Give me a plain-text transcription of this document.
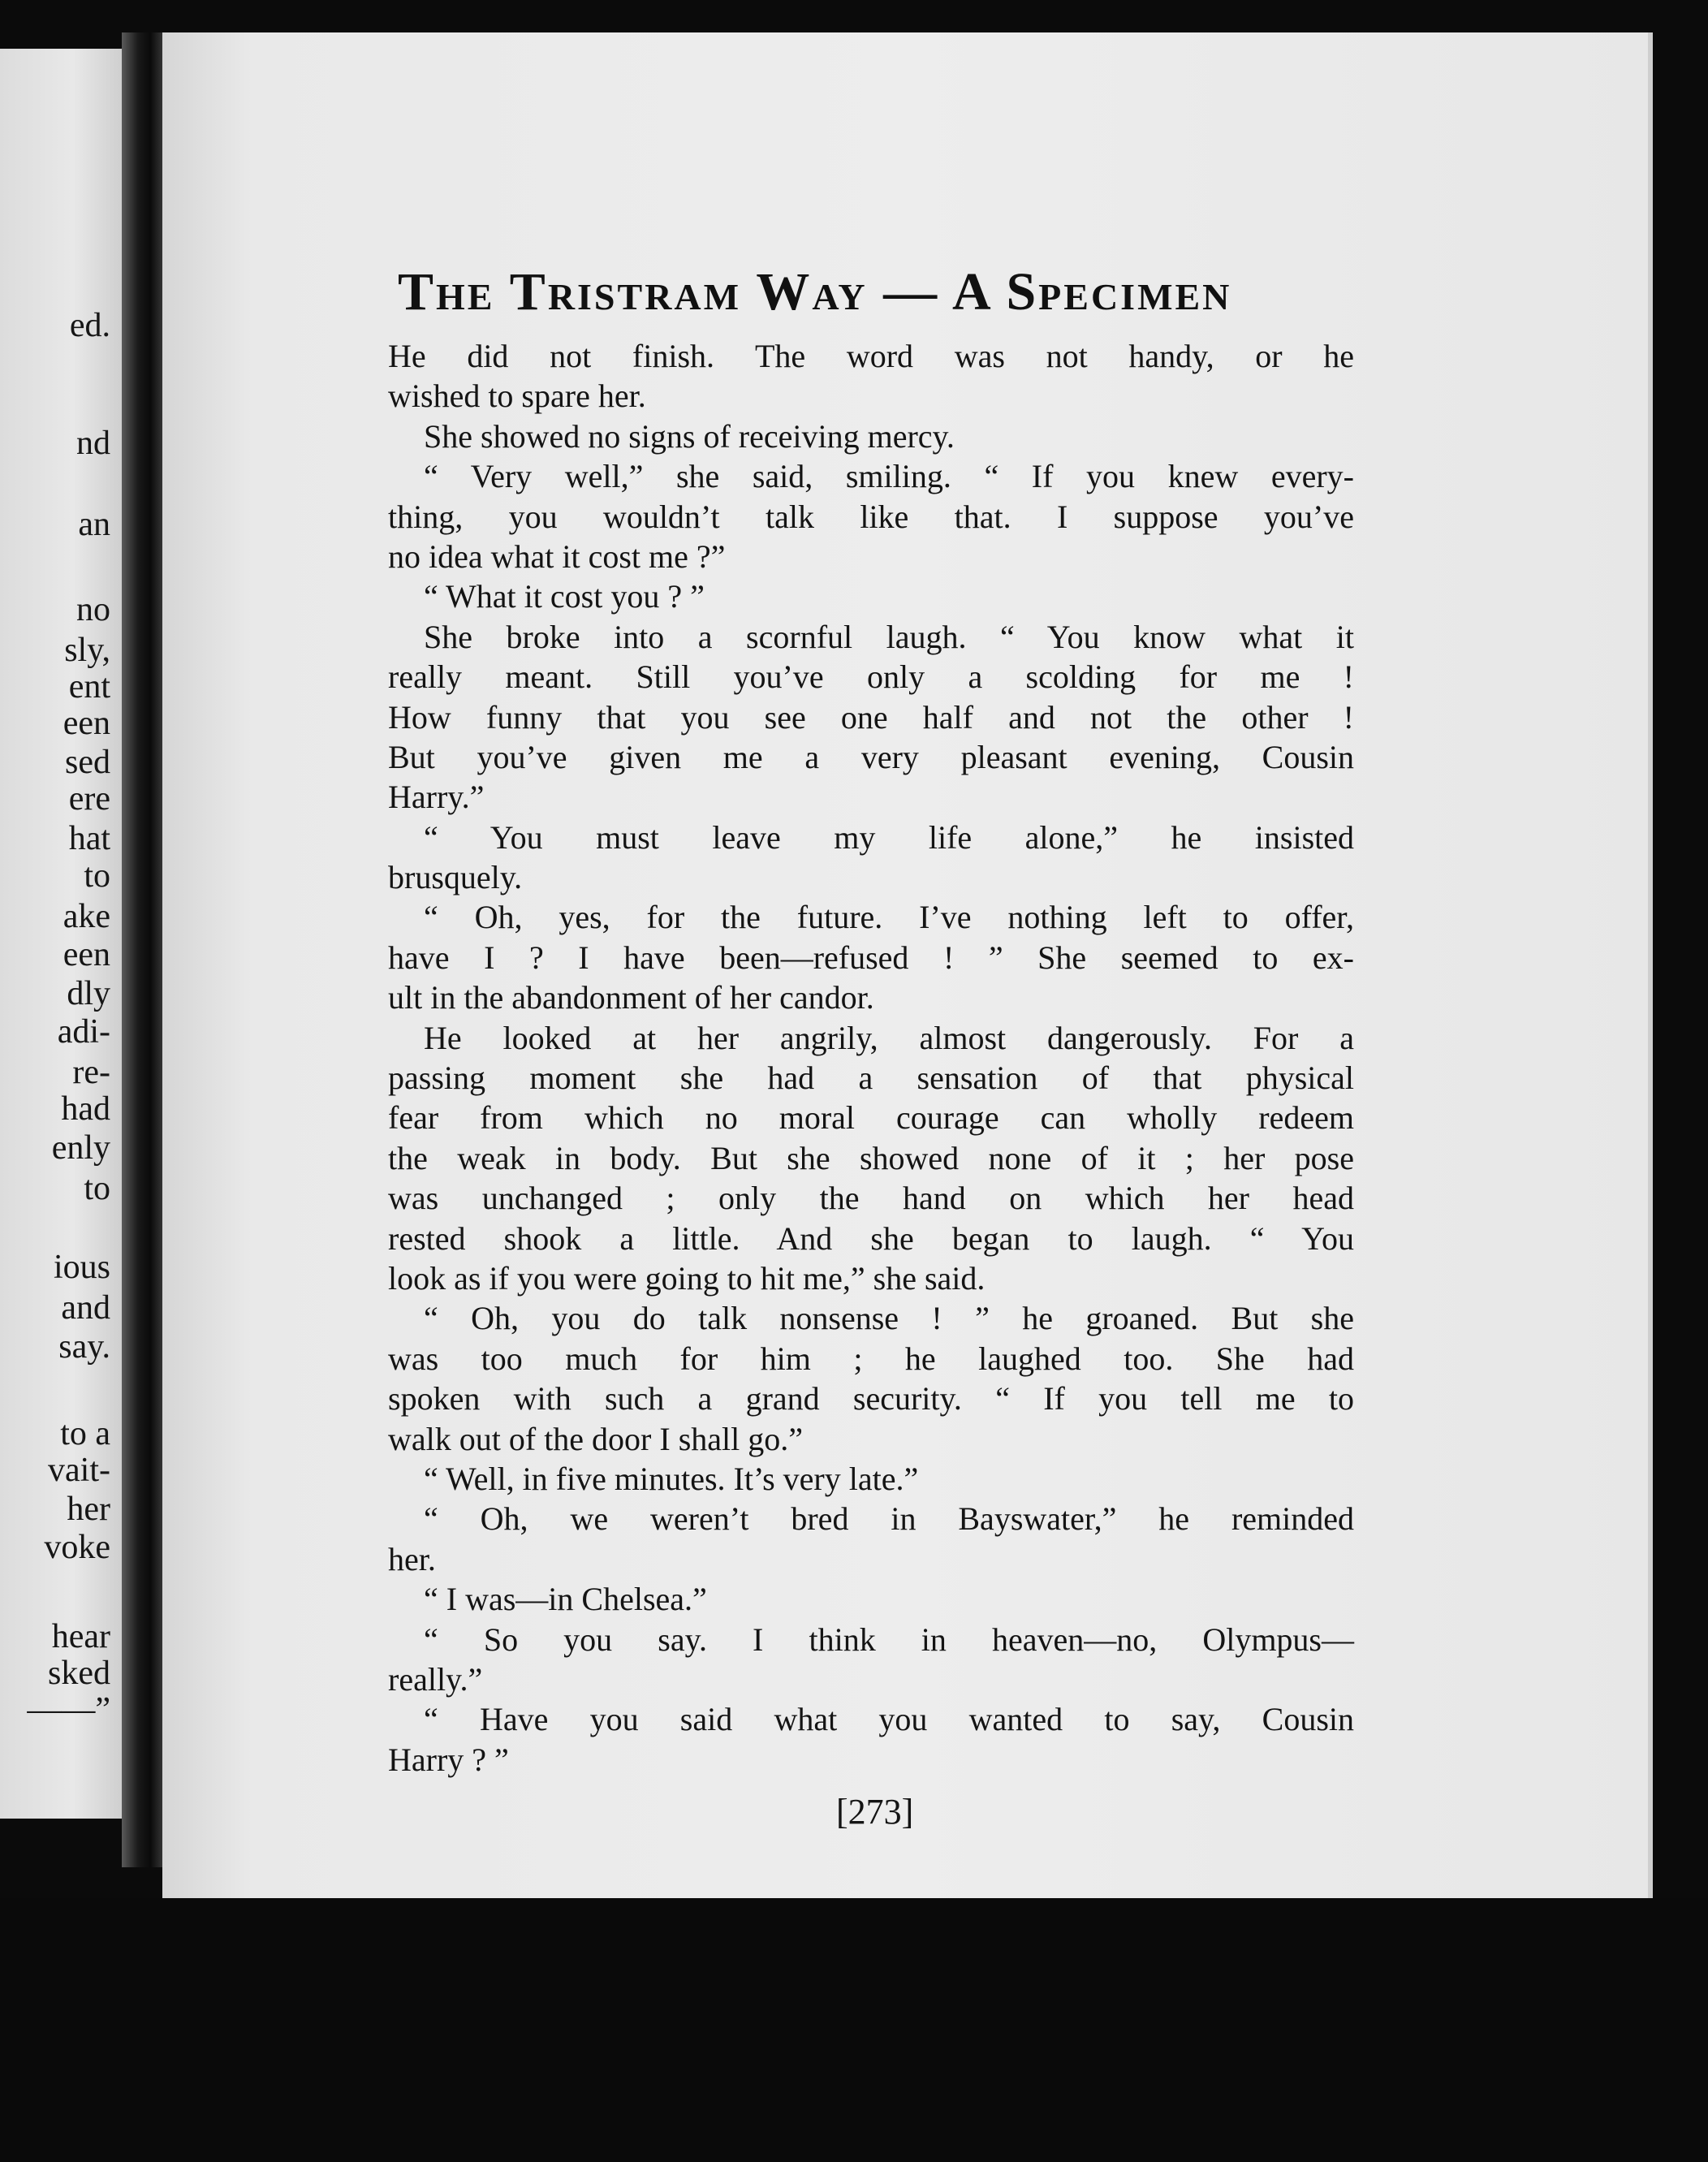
ed.
nd
an
no
sly,
ent
een
sed
ere
hat
to
ake
een
dly
adi-
re-
had
enly
to
ious
and
say.
to a
vait-
her
voke
hear
sked
——”
The Tristram Way — A Specimen
He did not finish. The word was not handy, or he
wished to spare her.
She showed no signs of receiving mercy.
“ Very well,” she said, smiling. “ If you knew every-
thing, you wouldn’t talk like that. I suppose you’ve
no idea what it cost me ?”
“ What it cost you ? ”
She broke into a scornful laugh. “ You know what it
really meant. Still you’ve only a scolding for me !
How funny that you see one half and not the other !
But you’ve given me a very pleasant evening, Cousin
Harry.”
“ You must leave my life alone,” he insisted
brusquely.
“ Oh, yes, for the future. I’ve nothing left to offer,
have I ? I have been—refused ! ” She seemed to ex-
ult in the abandonment of her candor.
He looked at her angrily, almost dangerously. For a
passing moment she had a sensation of that physical
fear from which no moral courage can wholly redeem
the weak in body. But she showed none of it ; her pose
was unchanged ; only the hand on which her head
rested shook a little. And she began to laugh. “ You
look as if you were going to hit me,” she said.
“ Oh, you do talk nonsense ! ” he groaned. But she
was too much for him ; he laughed too. She had
spoken with such a grand security. “ If you tell me to
walk out of the door I shall go.”
“ Well, in five minutes. It’s very late.”
“ Oh, we weren’t bred in Bayswater,” he reminded
her.
“ I was—in Chelsea.”
“ So you say. I think in heaven—no, Olympus—
really.”
“ Have you said what you wanted to say, Cousin
Harry ? ”
[273]
